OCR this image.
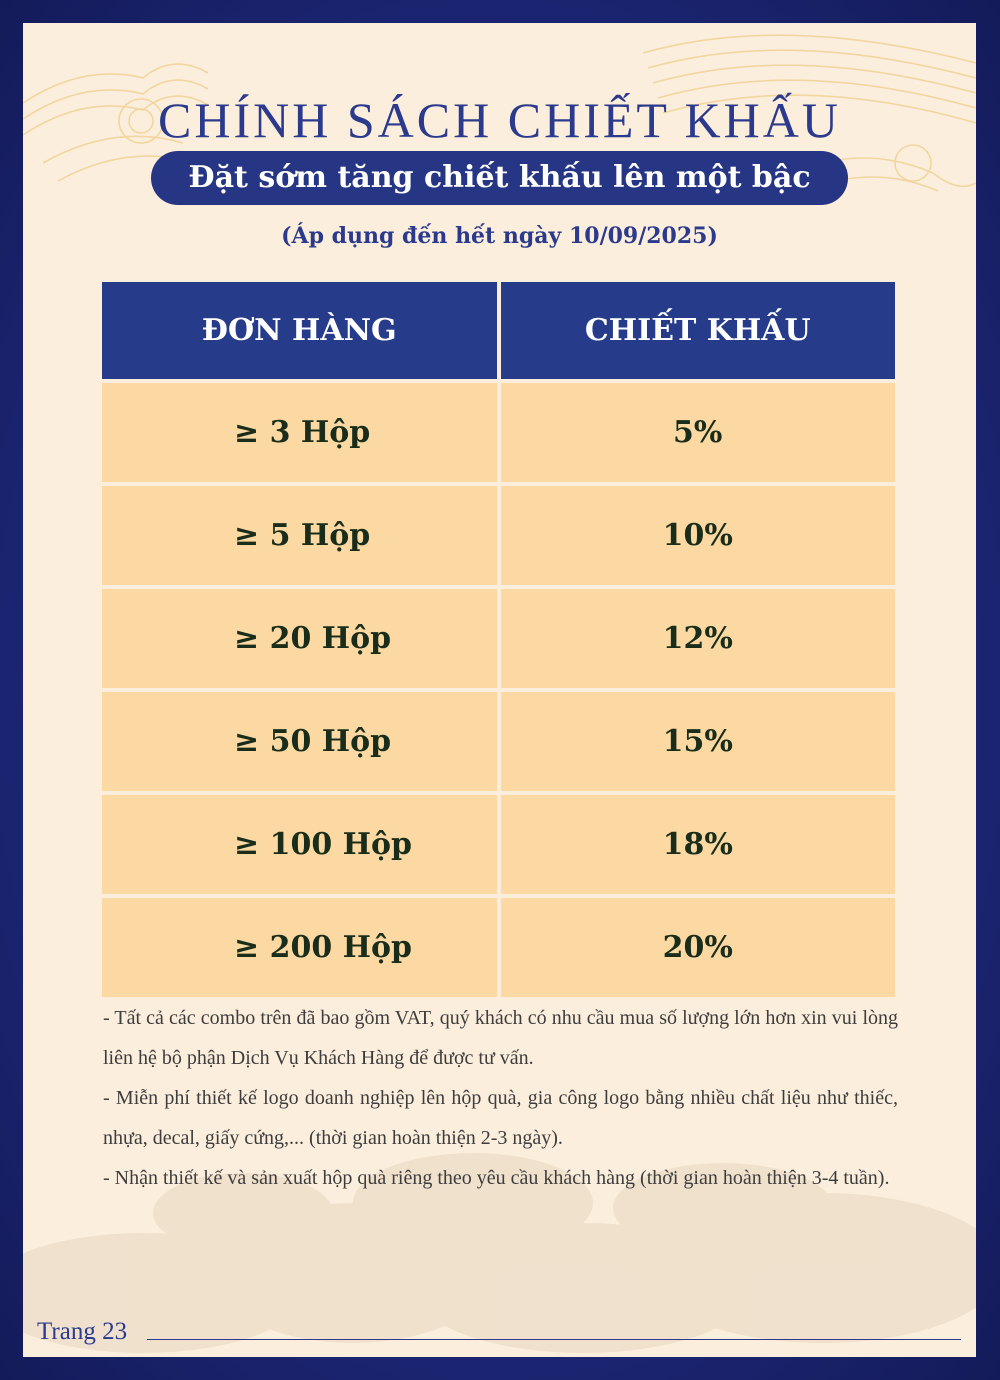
CHÍNH SÁCH CHIẾT KHẤU
Đặt sớm tăng chiết khấu lên một bậc
(Áp dụng đến hết ngày 10/09/2025)
ĐƠN HÀNG	CHIẾT KHẤU
≥ 3 Hộp	5%
≥ 5 Hộp	10%
≥ 20 Hộp	12%
≥ 50 Hộp	15%
≥ 100 Hộp	18%
≥ 200 Hộp	20%

- Tất cả các combo trên đã bao gồm VAT, quý khách có nhu cầu mua số lượng lớn hơn xin vui lòng liên hệ bộ phận Dịch Vụ Khách Hàng để được tư vấn.

- Miễn phí thiết kế logo doanh nghiệp lên hộp quà, gia công logo bằng nhiều chất liệu như thiếc, nhựa, decal, giấy cứng,... (thời gian hoàn thiện 2-3 ngày).

- Nhận thiết kế và sản xuất hộp quà riêng theo yêu cầu khách hàng (thời gian hoàn thiện 3-4 tuần).

Trang 23
